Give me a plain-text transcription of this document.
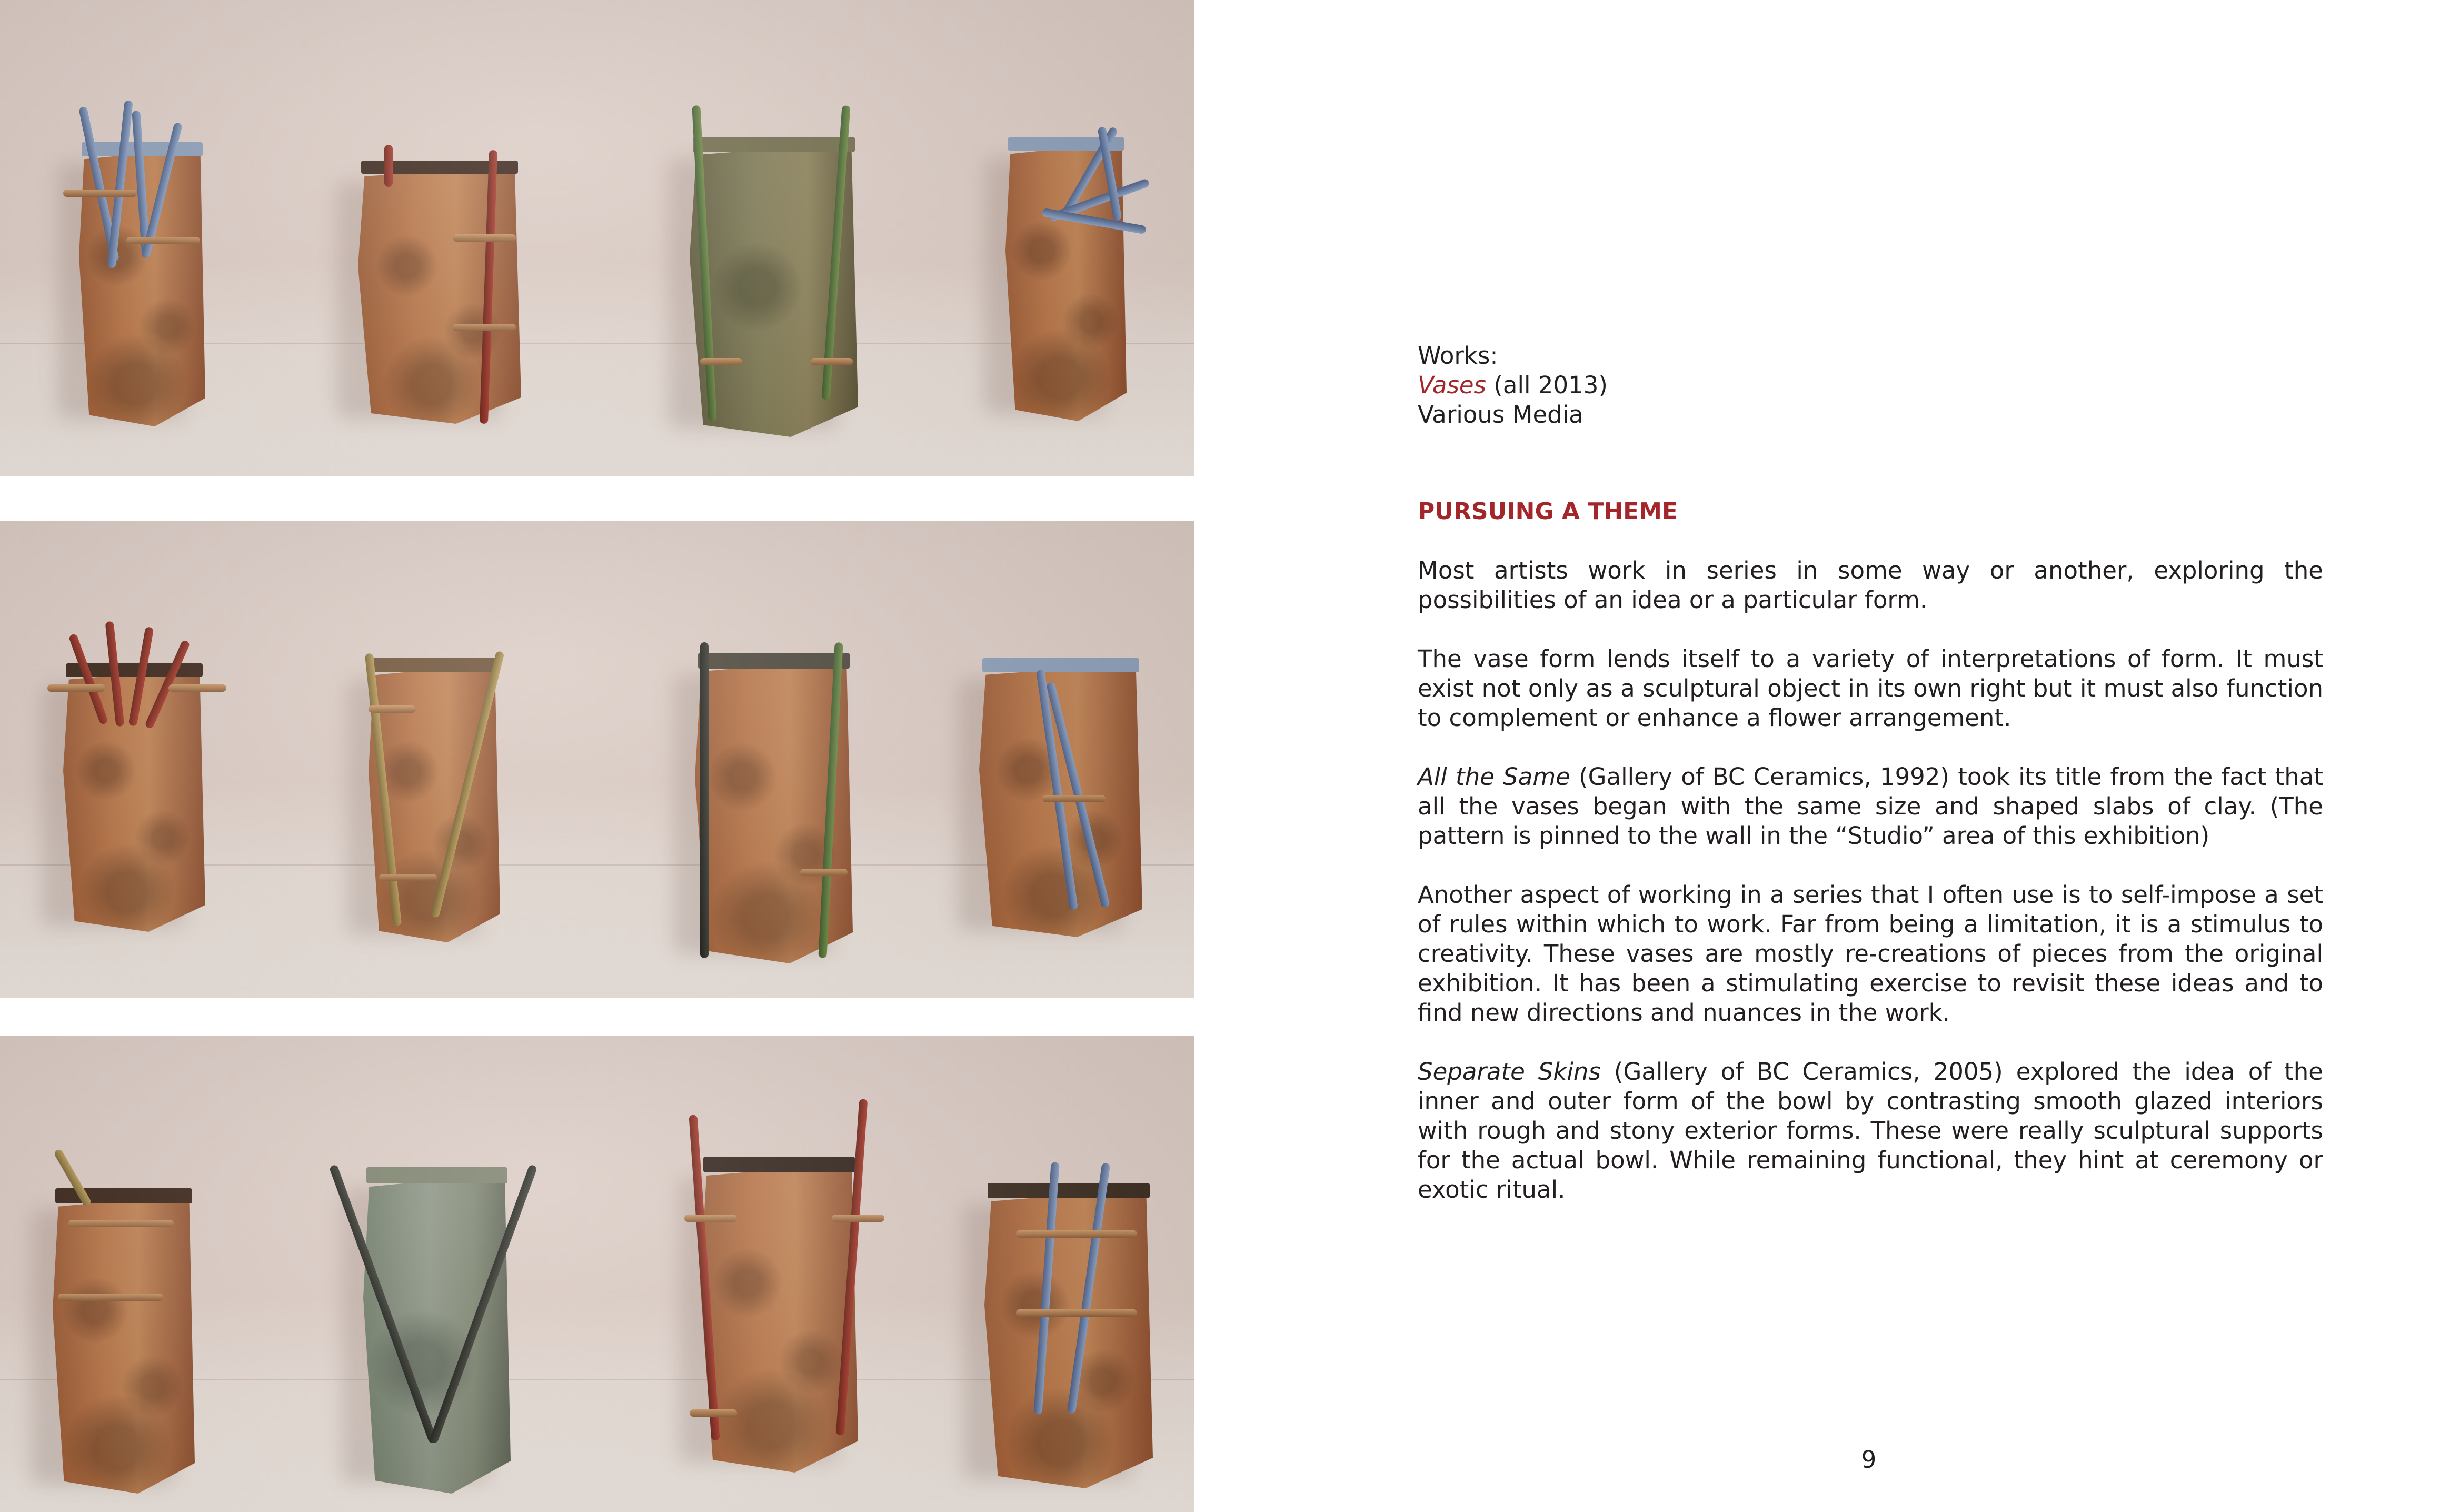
Works:
Vases (all 2013)
Various Media
PURSUING A THEME

Most artists work in series in some way or another, exploring the possibilities of an idea or a particular form.

The vase form lends itself to a variety of interpretations of form. It must exist not only as a sculptural object in its own right but it must also function to complement or enhance a flower arrangement.

All the Same (Gallery of BC Ceramics, 1992) took its title from the fact that all the vases began with the same size and shaped slabs of clay. (The pattern is pinned to the wall in the “Studio” area of this exhibition)

Another aspect of working in a series that I often use is to self-impose a set of rules within which to work. Far from being a limitation, it is a stimulus to creativity. These vases are mostly re-creations of pieces from the original exhibition. It has been a stimulating exercise to revisit these ideas and to find new directions and nuances in the work.

Separate Skins (Gallery of BC Ceramics, 2005) explored the idea of the inner and outer form of the bowl by contrasting smooth glazed interiors with rough and stony exterior forms. These were really sculptural supports for the actual bowl. While remaining functional, they hint at ceremony or exotic ritual.

9
